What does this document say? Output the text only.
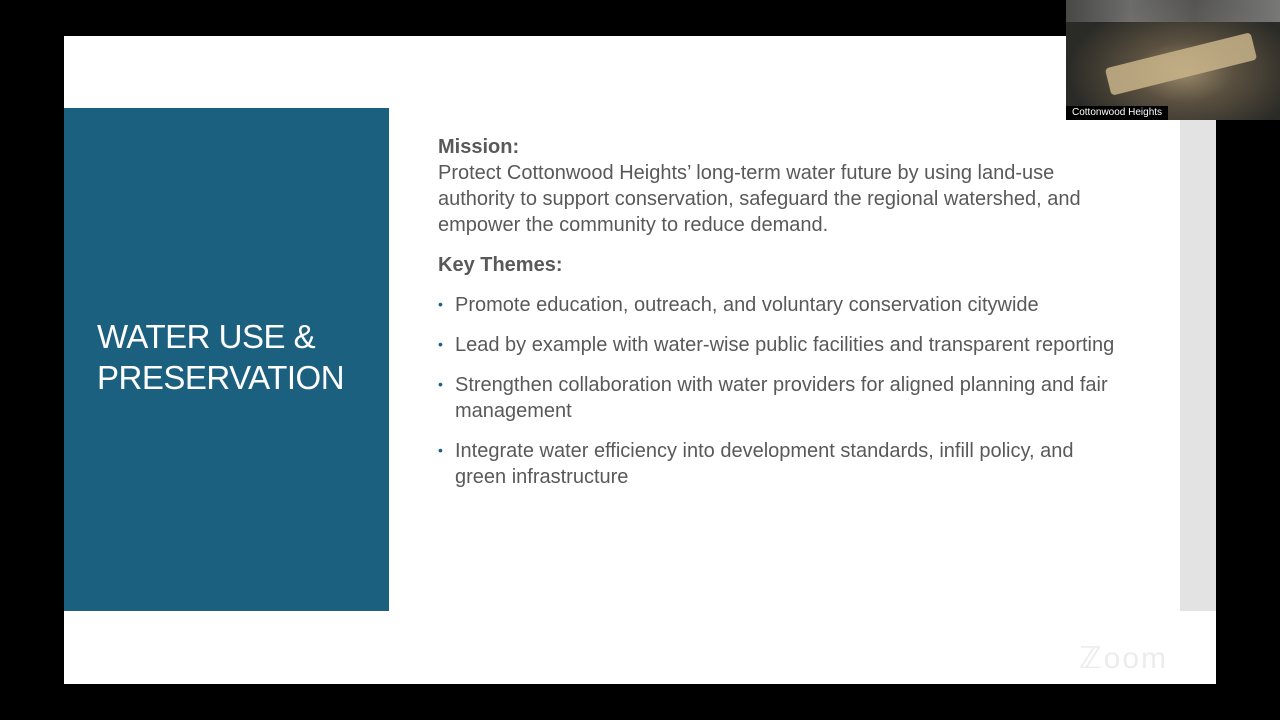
WATER USE & PRESERVATION
Mission:

Protect Cottonwood Heights’ long-term water future by using land-use authority to support conservation, safeguard the regional watershed, and empower the community to reduce demand.

Key Themes:
• Promote education, outreach, and voluntary conservation citywide
• Lead by example with water-wise public facilities and transparent reporting
• Strengthen collaboration with water providers for aligned planning and fair management
• Integrate water efficiency into development standards, infill policy, and green infrastructure
ℤoom
Cottonwood Heights
